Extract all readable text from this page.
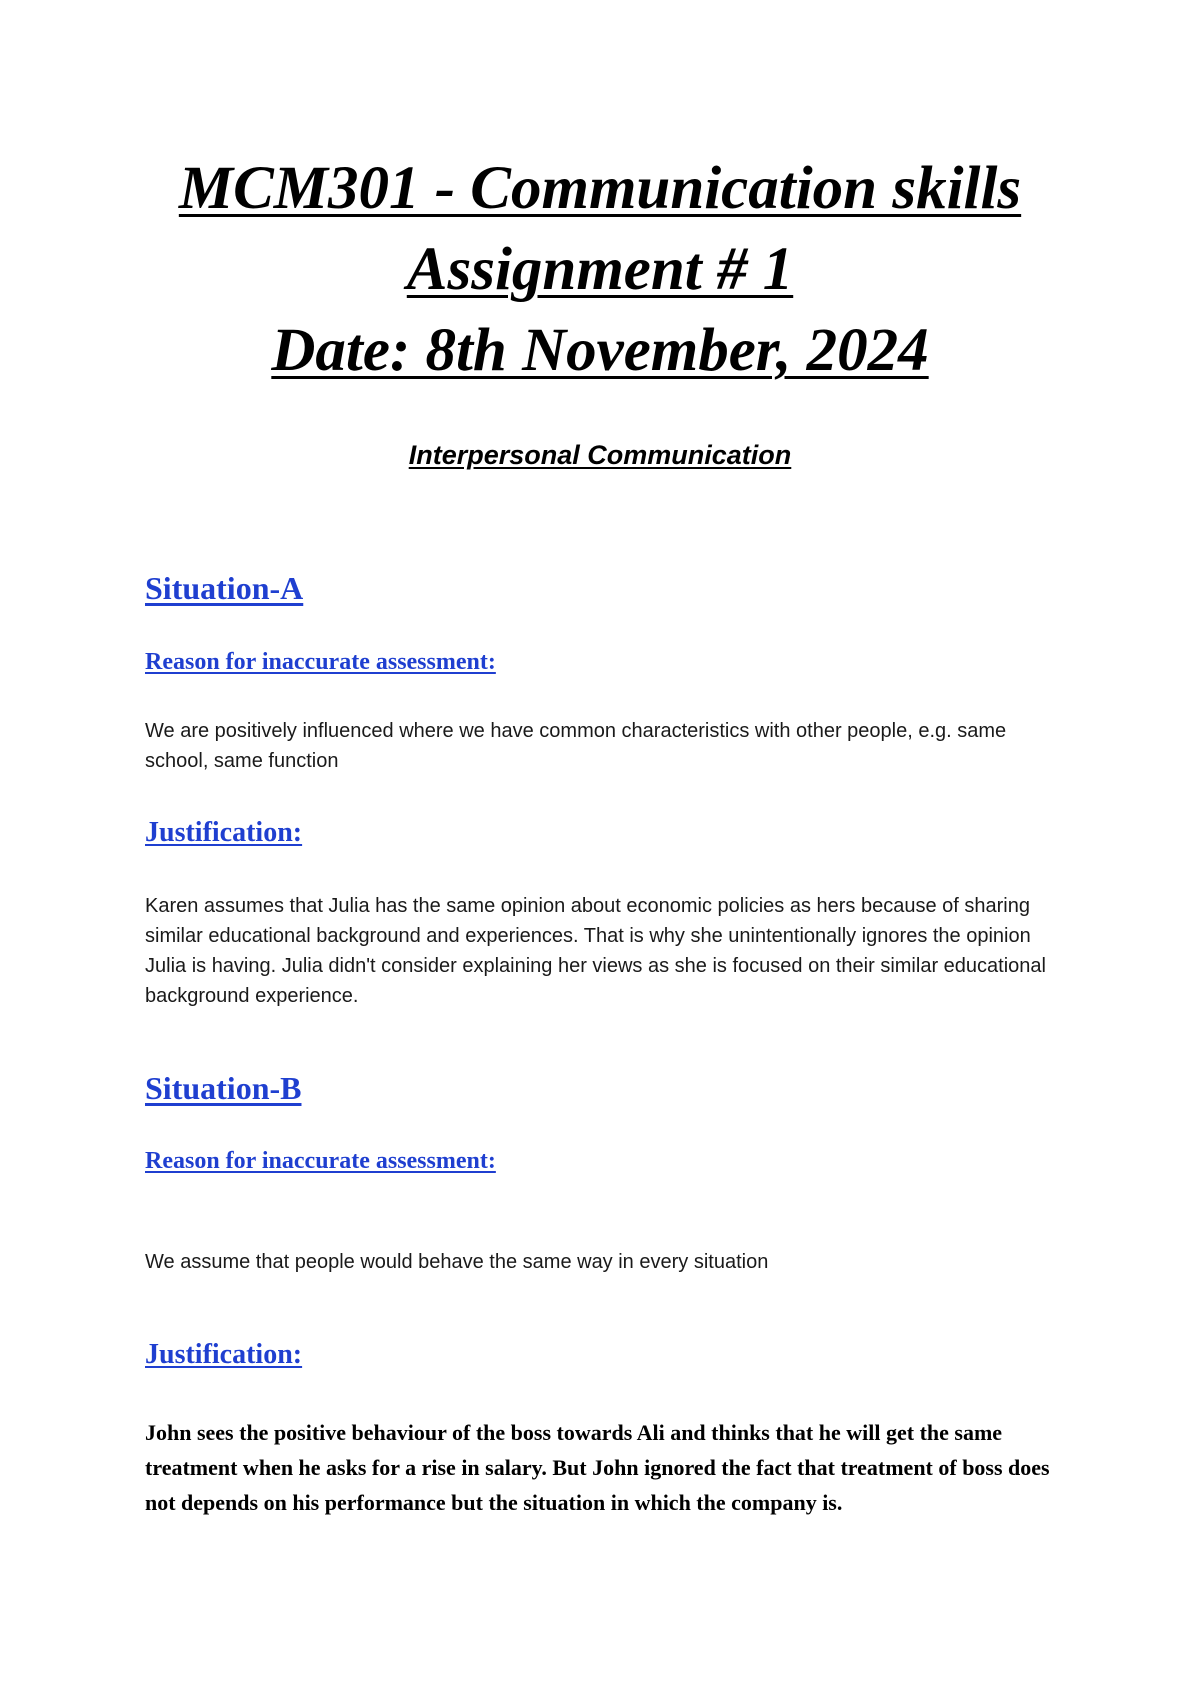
MCM301 - Communication skills
Assignment # 1
Date: 8th November, 2024
Interpersonal Communication
Situation-A
Reason for inaccurate assessment:
We are positively influenced where we have common characteristics with other people, e.g. same school, same function
Justification:
Karen assumes that Julia has the same opinion about economic policies as hers because of sharing similar educational background and experiences. That is why she unintentionally ignores the opinion Julia is having. Julia didn't consider explaining her views as she is focused on their similar educational background experience.
Situation-B
Reason for inaccurate assessment:
We assume that people would behave the same way in every situation
Justification:
John sees the positive behaviour of the boss towards Ali and thinks that he will get the same treatment when he asks for a rise in salary. But John ignored the fact that treatment of boss does not depends on his performance but the situation in which the company is.
